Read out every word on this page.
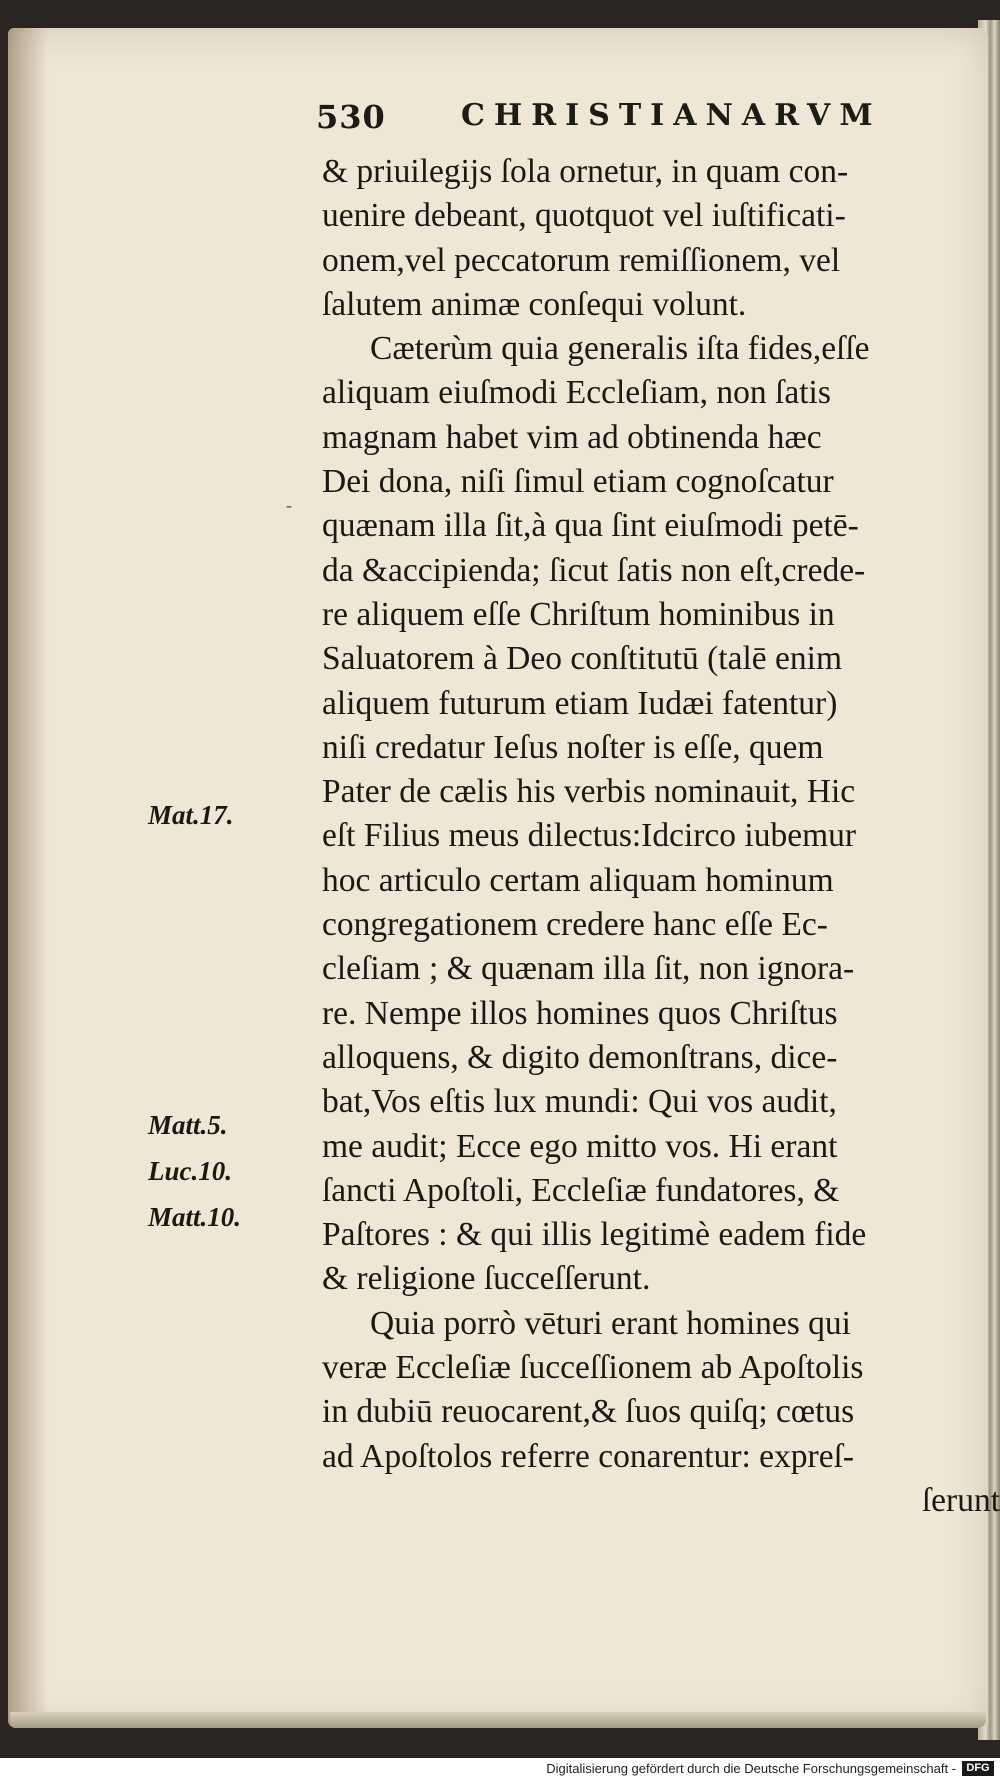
530	CHRISTIANARVM
& priuilegijs ſola ornetur, in quam con-
uenire debeant, quotquot vel iuſtificati-
onem,vel peccatorum remiſſionem, vel
ſalutem animæ conſequi volunt.
Cæterùm quia generalis iſta fides,eſſe
aliquam eiuſmodi Eccleſiam, non ſatis
magnam habet vim ad obtinenda hæc
Dei dona, niſi ſimul etiam cognoſcatur
quænam illa ſit,à qua ſint eiuſmodi petē-
da &accipienda; ſicut ſatis non eſt,crede-
re aliquem eſſe Chriſtum hominibus in
Saluatorem à Deo conſtitutū (talē enim
aliquem futurum etiam Iudæi fatentur)
niſi credatur Ieſus noſter is eſſe, quem
Pater de cælis his verbis nominauit, Hic
eſt Filius meus dilectus:Idcirco iubemur
hoc articulo certam aliquam hominum
congregationem credere hanc eſſe Ec-
cleſiam ; & quænam illa ſit, non ignora-
re. Nempe illos homines quos Chriſtus
alloquens, & digito demonſtrans, dice-
bat,Vos eſtis lux mundi: Qui vos audit,
me audit; Ecce ego mitto vos. Hi erant
ſancti Apoſtoli, Eccleſiæ fundatores, &
Paſtores : & qui illis legitimè eadem fide
& religione ſucceſſerunt.
Quia porrò vēturi erant homines qui
veræ Eccleſiæ ſucceſſionem ab Apoſtolis
in dubiū reuocarent,& ſuos quiſq; cœtus
ad Apoſtolos referre conarentur: expreſ-
ſerunt
Mat.17.
Matt.5.
Luc.10.
Matt.10.
-
Digitalisierung gefördert durch die Deutsche Forschungsgemeinschaft - DFG
